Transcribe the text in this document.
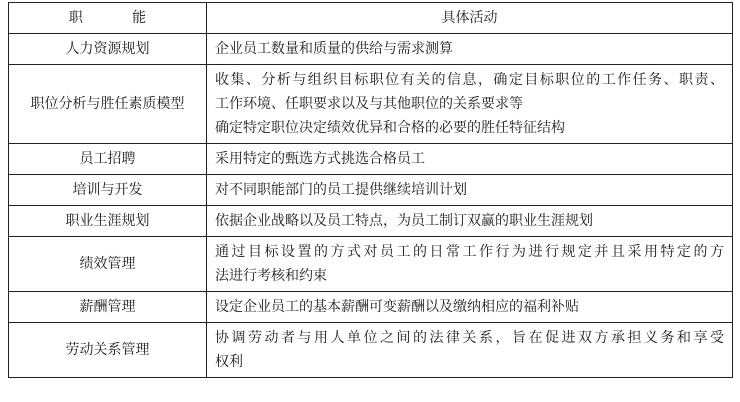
职 能	具体活动
人力资源规划	企业员工数量和质量的供给与需求测算

职位分析与胜任素质模型	收集、分析与组织目标职位有关的信息，确定目标职位的工作任务、职责、
工作环境、任职要求以及与其他职位的关系要求等
确定特定职位决定绩效优异和合格的必要的胜任特征结构

员工招聘	采用特定的甄选方式挑选合格员工

培训与开发	对不同职能部门的员工提供继续培训计划

职业生涯规划	依据企业战略以及员工特点，为员工制订双赢的职业生涯规划

绩效管理	通过目标设置的方式对员工的日常工作行为进行规定并且采用特定的方
法进行考核和约束

薪酬管理	设定企业员工的基本薪酬可变薪酬以及缴纳相应的福利补贴

劳动关系管理	协调劳动者与用人单位之间的法律关系，旨在促进双方承担义务和享受
权利
